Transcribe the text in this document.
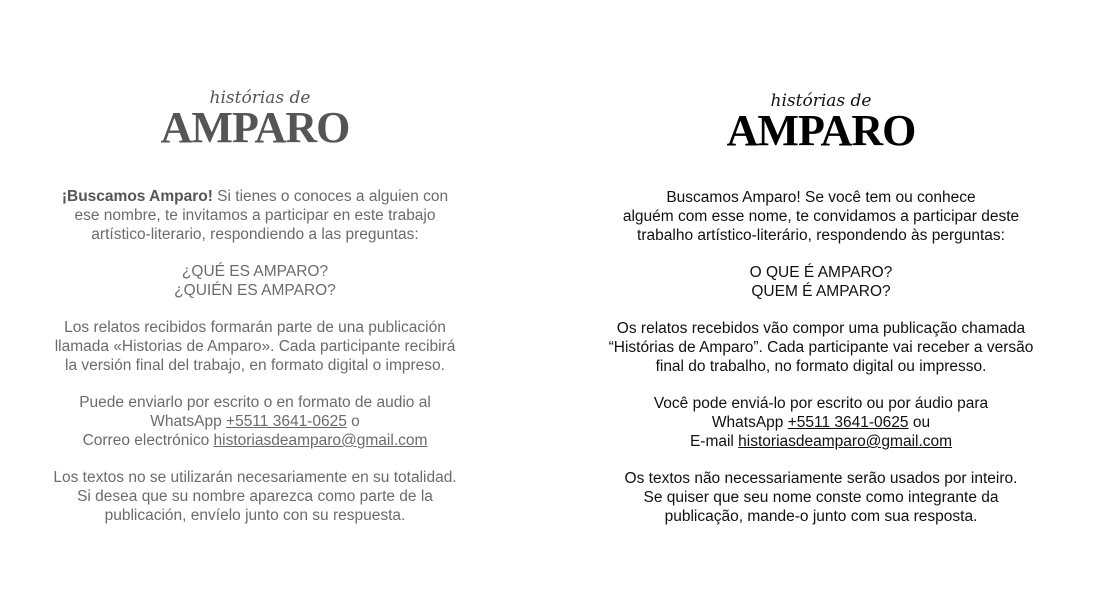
histórias de
AMPARO

¡Buscamos Amparo! Si tienes o conoces a alguien con
ese nombre, te invitamos a participar en este trabajo
artístico-literario, respondiendo a las preguntas:

¿QUÉ ES AMPARO?
¿QUIÉN ES AMPARO?

Los relatos recibidos formarán parte de una publicación
llamada «Historias de Amparo». Cada participante recibirá
la versión final del trabajo, en formato digital o impreso.

Puede enviarlo por escrito o en formato de audio al
WhatsApp +5511 3641-0625 o
Correo electrónico historiasdeamparo@gmail.com

Los textos no se utilizarán necesariamente en su totalidad.
Si desea que su nombre aparezca como parte de la
publicación, envíelo junto con su respuesta.

histórias de
AMPARO

Buscamos Amparo! Se você tem ou conhece
alguém com esse nome, te convidamos a participar deste
trabalho artístico-literário, respondendo às perguntas:

O QUE É AMPARO?
QUEM É AMPARO?

Os relatos recebidos vão compor uma publicação chamada
“Histórias de Amparo”. Cada participante vai receber a versão
final do trabalho, no formato digital ou impresso.

Você pode enviá-lo por escrito ou por áudio para
WhatsApp +5511 3641-0625 ou
E-mail historiasdeamparo@gmail.com

Os textos não necessariamente serão usados por inteiro.
Se quiser que seu nome conste como integrante da
publicação, mande-o junto com sua resposta.
